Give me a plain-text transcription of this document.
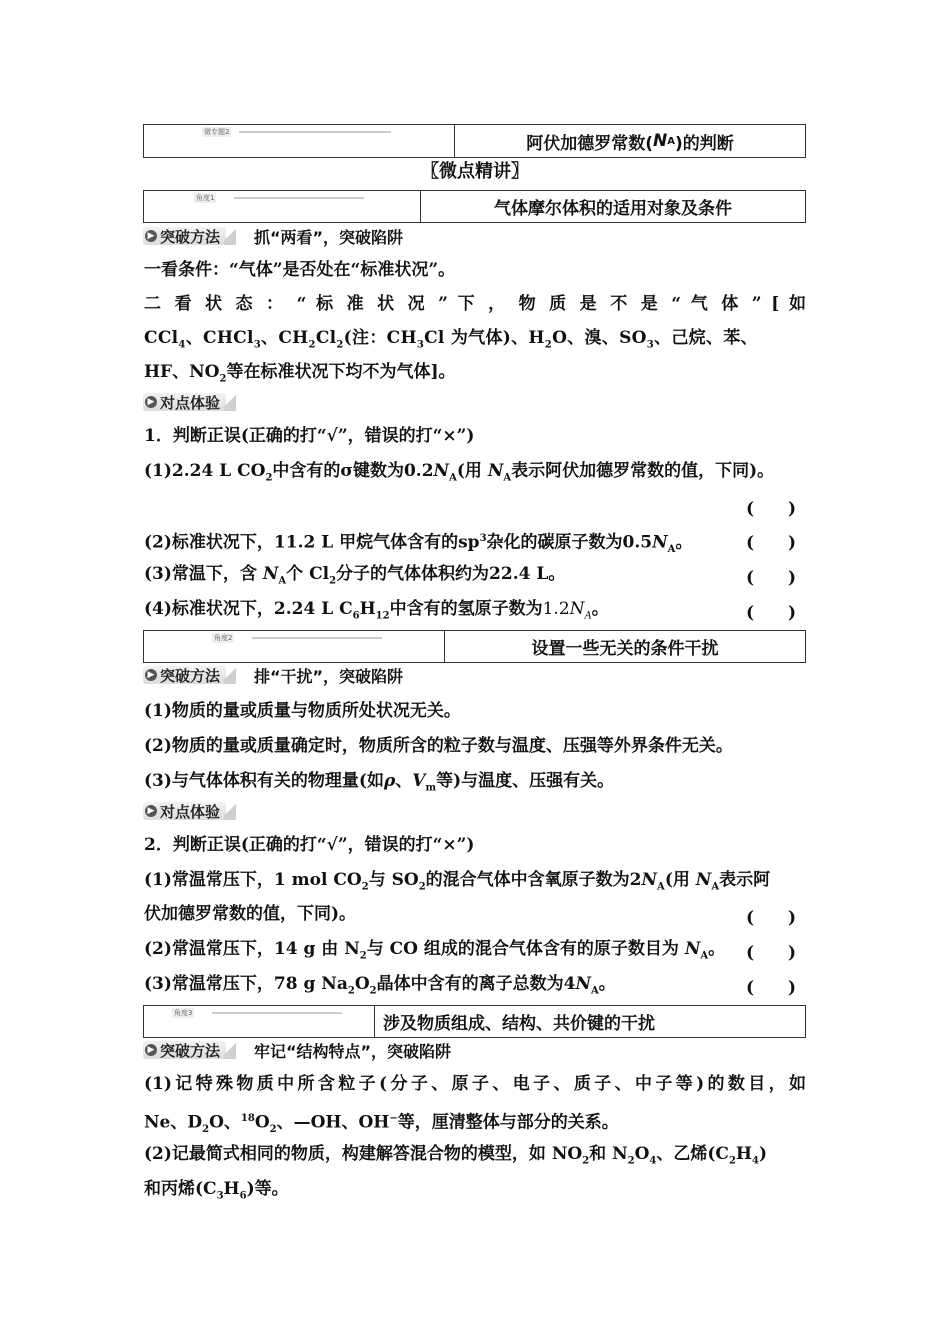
微专题2
阿伏加德罗常数( N A )的判断
〖微点精讲〗
角度1
气体摩尔体积的适用对象及条件
▶ 突破方法 抓“两看”，突破陷阱
一看条件：“气体”是否处在“标准状况”。
二 看 状 态 ： “ 标 准 状 况 ” 下 ， 物 质 是 不 是 “ 气 体 ” [ 如
CCl$_4$、CHCl$_3$、$CH_2Cl_2$(注：$CH_3Cl$ 为气体)、$H_2O$、溴、$SO_3$、己烷、苯、
HF、$NO_2$等在标准状况下均不为气体]。
▶ 对点体验
1．判断正误(正确的打“√”，错误的打“×”)
(1)2.24 L $CO_2$中含有的σ键数为$0.2N_A$(用 $N_A$表示阿伏加德罗常数的值，下同)。
(　　)
(2)标准状况下，11.2 L 甲烷气体含有的$sp^3$杂化的碳原子数为$0.5N_A$。	(　　)
(3)常温下，含 $N_A$个 $Cl_2$分子的气体体积约为22.4 L。	(　　)
(4)标准状况下，2.24 L $C_6H_{12}$中含有的氢原子数为$1.2N_A$。	(　　)
角度2
设置一些无关的条件干扰
▶ 突破方法 排“干扰”，突破陷阱
(1)物质的量或质量与物质所处状况无关。
(2)物质的量或质量确定时，物质所含的粒子数与温度、压强等外界条件无关。
(3)与气体体积有关的物理量(如ρ、$V_m$等)与温度、压强有关。
▶ 对点体验
2．判断正误(正确的打“√”，错误的打“×”)
(1)常温常压下，1 mol $CO_2$与 $SO_2$的混合气体中含氧原子数为$2N_A$(用 $N_A$表示阿
伏加德罗常数的值，下同)。	(　　)
(2)常温常压下，14 g 由 $N_2$与 CO 组成的混合气体含有的原子数目为 $N_A$。 (　　)
(3)常温常压下，78 g $Na_2O_2$晶体中含有的离子总数为$4N_A$。	(　　)
角度3
涉及物质组成、结构、共价键的干扰
▶ 突破方法 牢记“结构特点”，突破陷阱
(1)记特殊物质中所含粒子(分子、原子、电子、质子、中子等)的数目，如
Ne、$D_2O$、$^{18}O_2$、—OH、OH−等，厘清整体与部分的关系。
(2)记最简式相同的物质，构建解答混合物的模型，如 $NO_2$和 $N_2O_4$、乙烯$(C_2H_4)$
和丙烯$(C_3H_6)$等。
